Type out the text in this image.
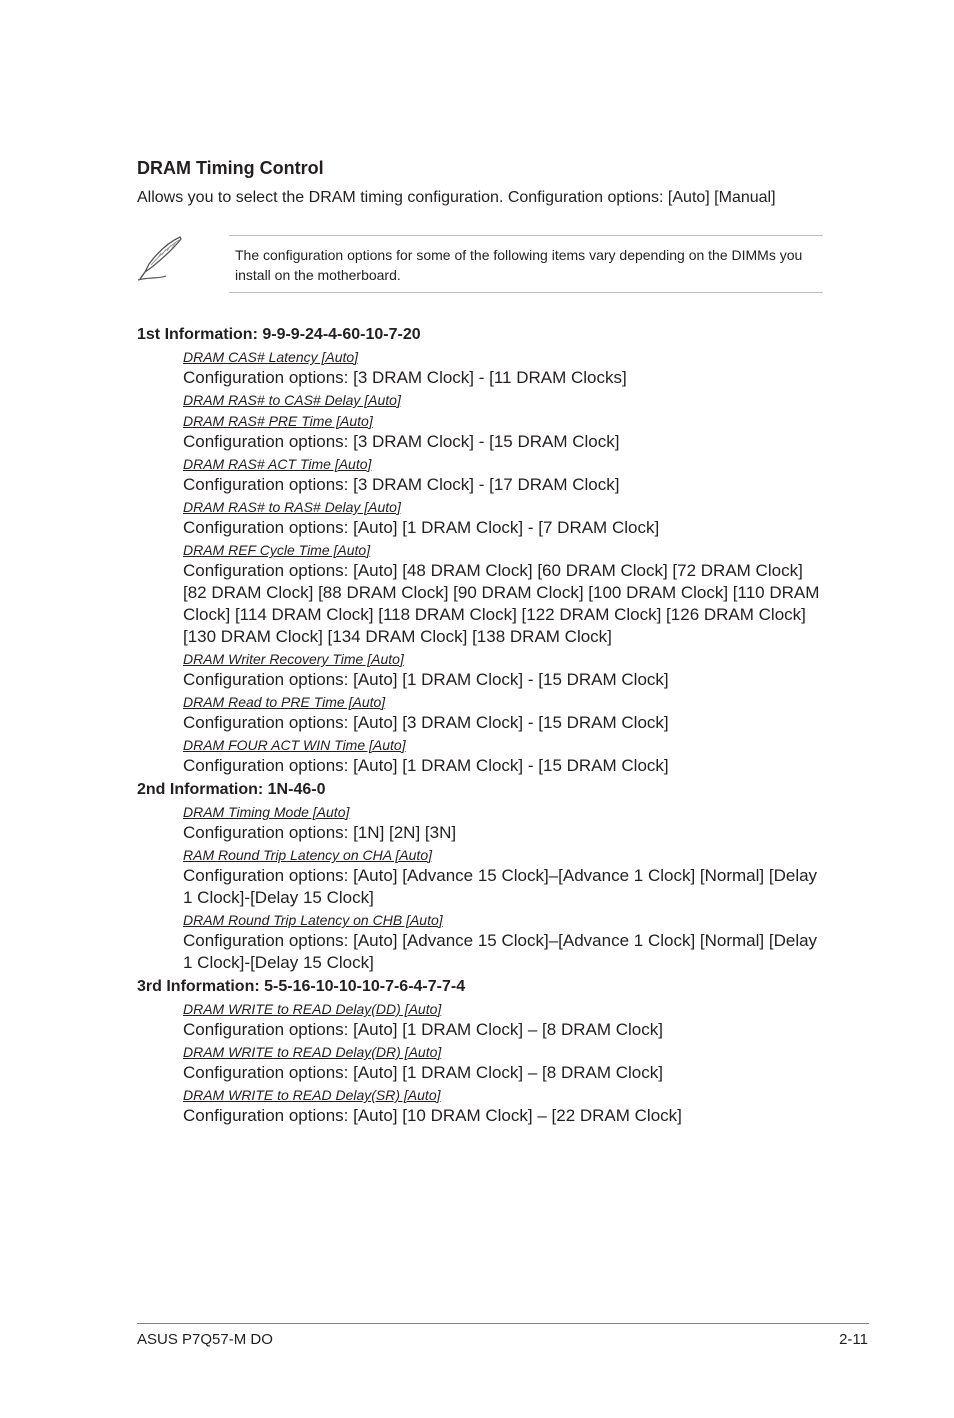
DRAM Timing Control
Allows you to select the DRAM timing configuration. Configuration options: [Auto] [Manual]
The configuration options for some of the following items vary depending on the DIMMs you install on the motherboard.
1st Information: 9-9-9-24-4-60-10-7-20
DRAM CAS# Latency [Auto]
Configuration options: [3 DRAM Clock] - [11 DRAM Clocks]
DRAM RAS# to CAS# Delay [Auto]
DRAM RAS# PRE Time [Auto]
Configuration options: [3 DRAM Clock] - [15 DRAM Clock]
DRAM RAS# ACT Time [Auto]
Configuration options: [3 DRAM Clock] - [17 DRAM Clock]
DRAM RAS# to RAS# Delay [Auto]
Configuration options: [Auto] [1 DRAM Clock] - [7 DRAM Clock]
DRAM REF Cycle Time [Auto]
Configuration options: [Auto] [48 DRAM Clock] [60 DRAM Clock] [72 DRAM Clock] [82 DRAM Clock] [88 DRAM Clock] [90 DRAM Clock] [100 DRAM Clock] [110 DRAM Clock] [114 DRAM Clock] [118 DRAM Clock] [122 DRAM Clock] [126 DRAM Clock] [130 DRAM Clock] [134 DRAM Clock] [138 DRAM Clock]
DRAM Writer Recovery Time [Auto]
Configuration options: [Auto] [1 DRAM Clock] - [15 DRAM Clock]
DRAM Read to PRE Time [Auto]
Configuration options: [Auto] [3 DRAM Clock] - [15 DRAM Clock]
DRAM FOUR ACT WIN Time [Auto]
Configuration options: [Auto] [1 DRAM Clock] - [15 DRAM Clock]
2nd Information: 1N-46-0
DRAM Timing Mode [Auto]
Configuration options: [1N] [2N] [3N]
RAM Round Trip Latency on CHA [Auto]
Configuration options: [Auto] [Advance 15 Clock]–[Advance 1 Clock] [Normal] [Delay 1 Clock]-[Delay 15 Clock]
DRAM Round Trip Latency on CHB [Auto]
Configuration options: [Auto] [Advance 15 Clock]–[Advance 1 Clock] [Normal] [Delay 1 Clock]-[Delay 15 Clock]
3rd Information: 5-5-16-10-10-10-7-6-4-7-7-4
DRAM WRITE to READ Delay(DD) [Auto]
Configuration options: [Auto] [1 DRAM Clock] – [8 DRAM Clock]
DRAM WRITE to READ Delay(DR) [Auto]
Configuration options: [Auto] [1 DRAM Clock] – [8 DRAM Clock]
DRAM WRITE to READ Delay(SR) [Auto]
Configuration options: [Auto] [10 DRAM Clock] – [22 DRAM Clock]
ASUS P7Q57-M DO	2-11
